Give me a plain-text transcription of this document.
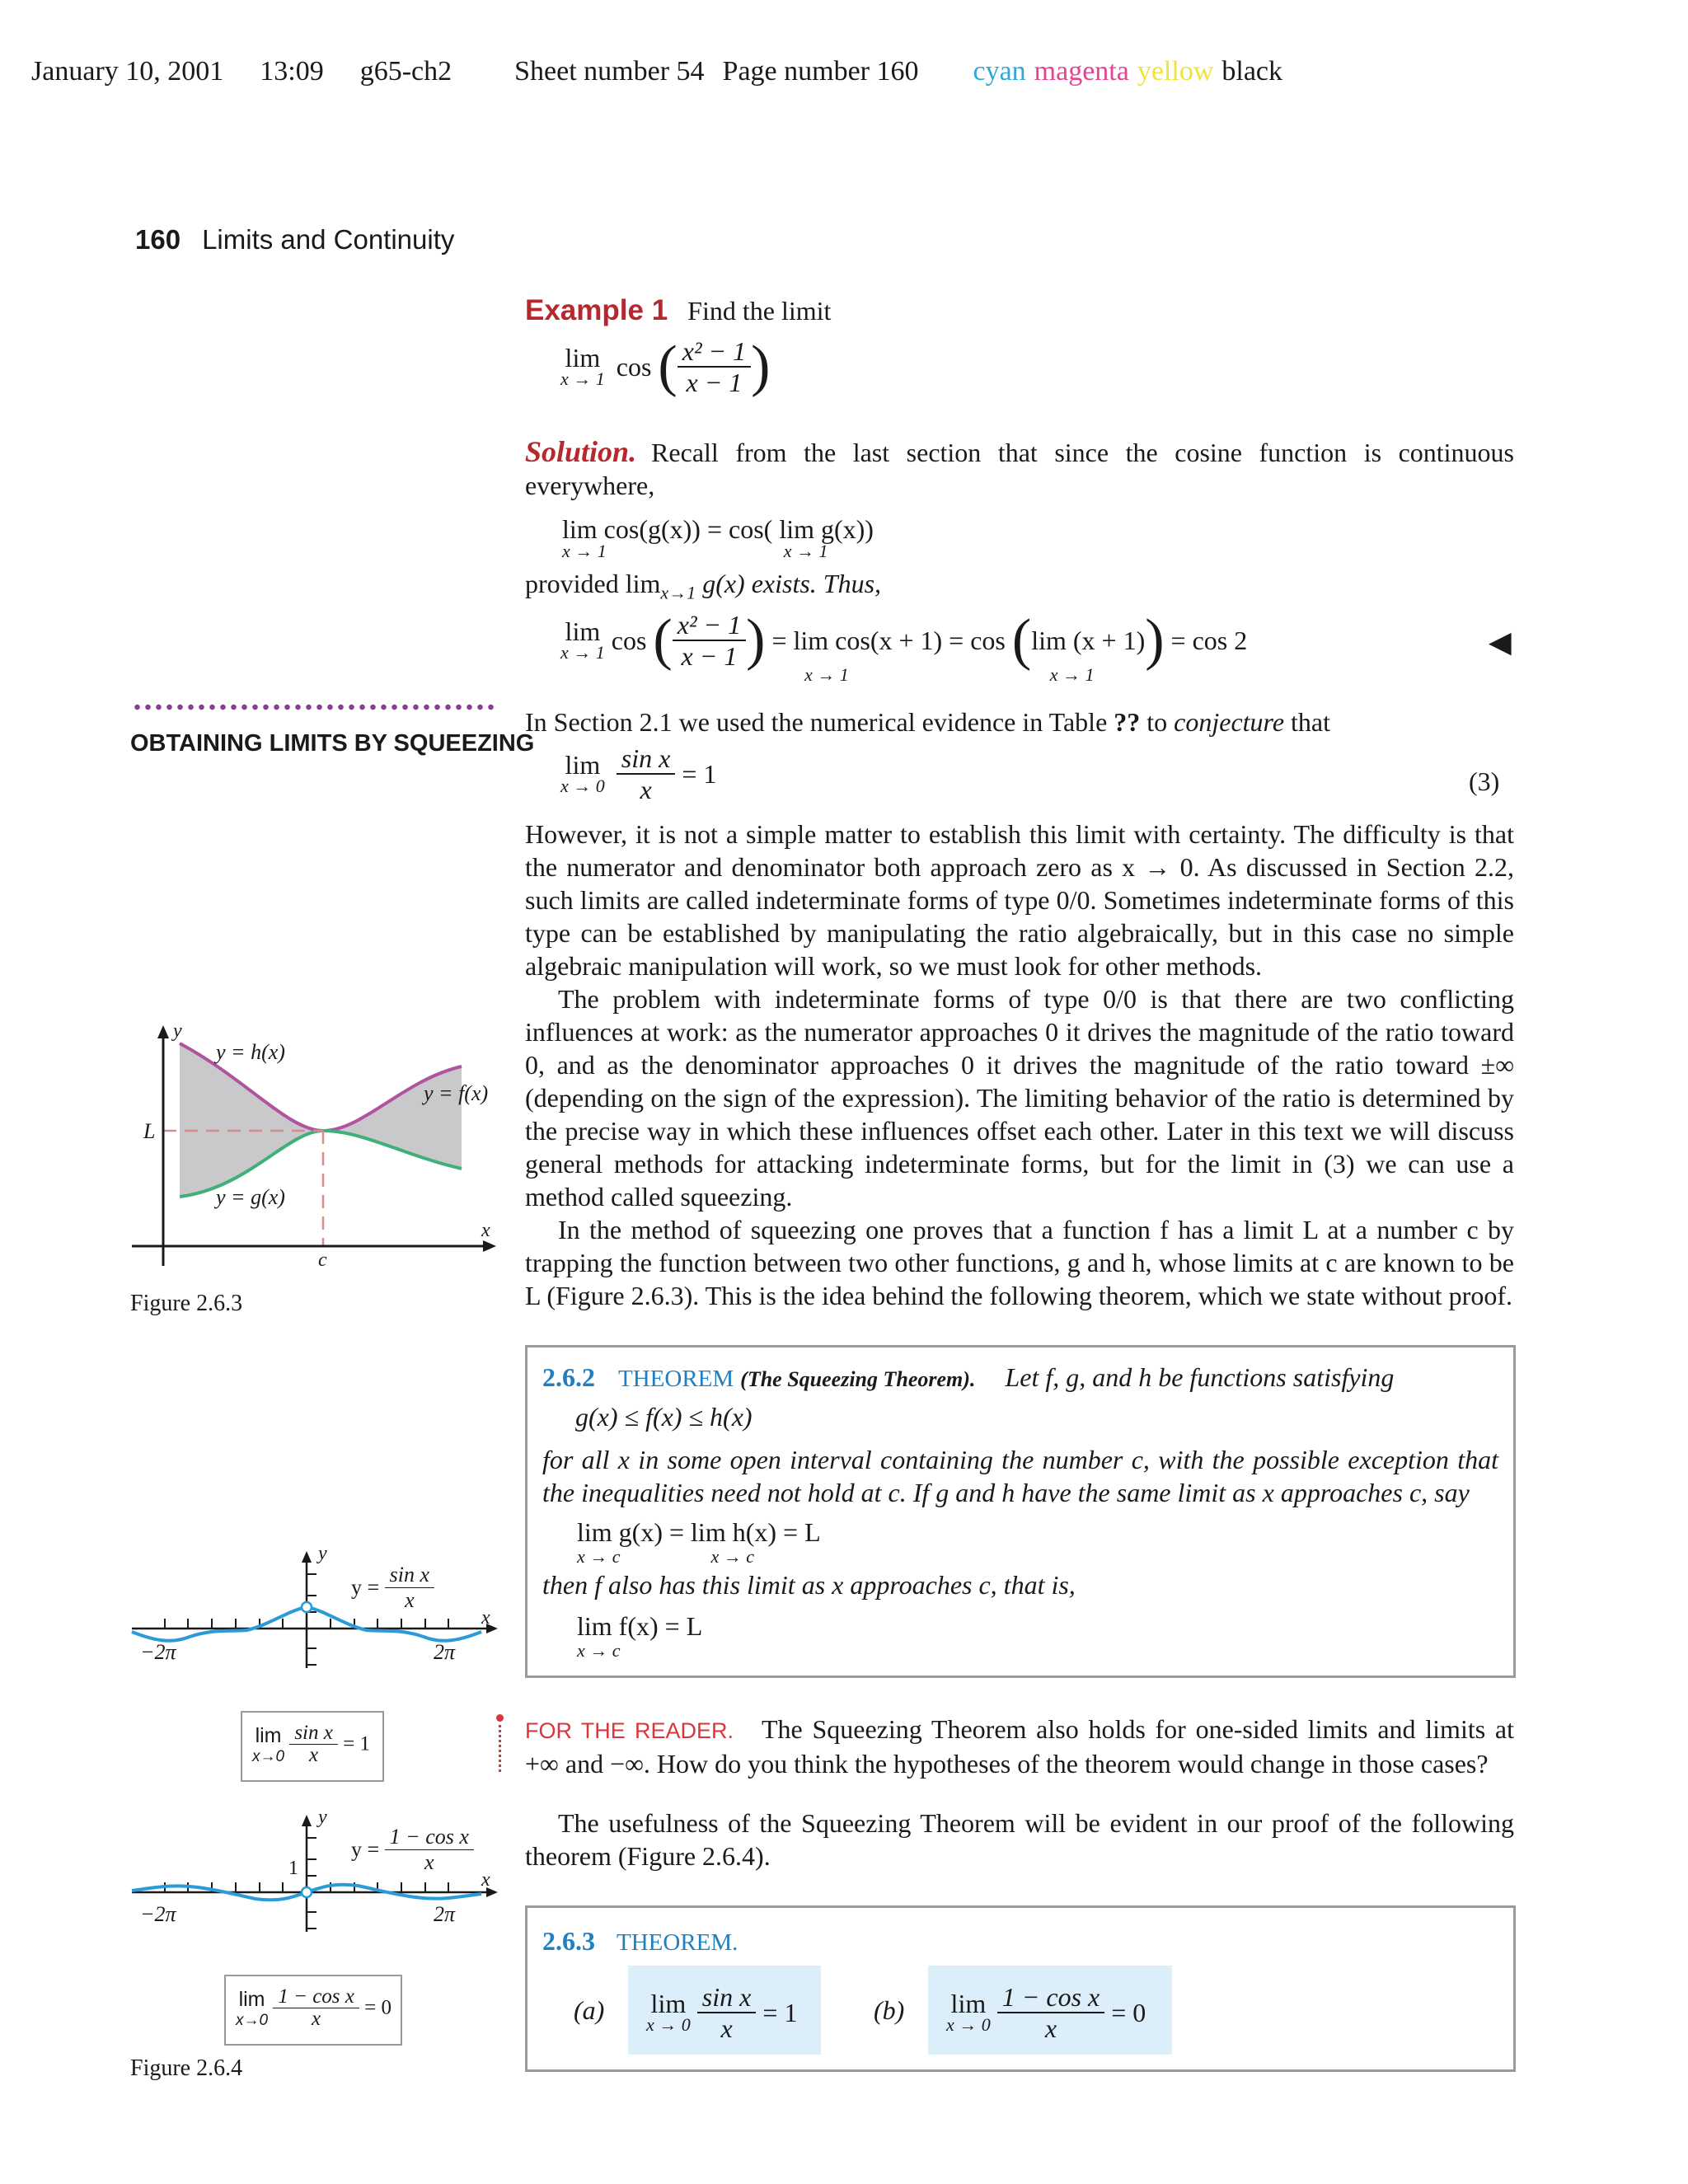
January 10, 2001 13:09 g65-ch2 Sheet number 54 Page number 160 cyan magenta yellow black
160 Limits and Continuity
Example 1 Find the limit
lim
x → 1 cos ( $\frac{\text{x² − 1}}{x - 1}$ )
Solution. Recall from the last section that since the cosine function is continuous everywhere,
lim cos(g(x)) = cos( lim g(x))
x → 1	x → 1
provided $\lim_{x\to 1} g(x)$ exists. Thus,
lim
x → 1 cos ( $\frac{\text{x² − 1}}{x - 1}$ ) = lim cos(x + 1) = cos (lim (x + 1)) = cos 2	◀
x → 1	x → 1
OBTAINING LIMITS BY SQUEEZING
In Section 2.1 we used the numerical evidence in Table ?? to conjecture that
lim
x → 0
$\frac{\text{sin x}}{x} = 1$	(3)
However, it is not a simple matter to establish this limit with certainty. The difficulty is that the numerator and denominator both approach zero as x → 0. As discussed in Section 2.2, such limits are called indeterminate forms of type 0/0. Sometimes indeterminate forms of this type can be established by manipulating the ratio algebraically, but in this case no simple algebraic manipulation will work, so we must look for other methods.
The problem with indeterminate forms of type 0/0 is that there are two conflicting influences at work: as the numerator approaches 0 it drives the magnitude of the ratio toward 0, and as the denominator approaches 0 it drives the magnitude of the ratio toward ±∞ (depending on the sign of the expression). The limiting behavior of the ratio is determined by the precise way in which these influences offset each other. Later in this text we will discuss general methods for attacking indeterminate forms, but for the limit in (3) we can use a method called squeezing.
In the method of squeezing one proves that a function f has a limit L at a number c by trapping the function between two other functions, g and h, whose limits at c are known to be L (Figure 2.6.3). This is the idea behind the following theorem, which we state without proof.
2.6.2 THEOREM (The Squeezing Theorem). Let f, g, and h be functions satisfying
g(x) ≤ f(x) ≤ h(x)
for all x in some open interval containing the number c, with the possible exception that the inequalities need not hold at c. If g and h have the same limit as x approaches c, say
lim g(x) = lim h(x) = L
x → c	x → c
then f also has this limit as x approaches c, that is,
lim f(x) = L
x → c
FOR THE READER. The Squeezing Theorem also holds for one-sided limits and limits at +∞ and −∞. How do you think the hypotheses of the theorem would change in those cases?
The usefulness of the Squeezing Theorem will be evident in our proof of the following theorem (Figure 2.6.4).
2.6.3 THEOREM.
(a) lim
x → 0
$\frac{\text{sin x}}{x} = 1$	(b) lim
x → 0
$\frac{\text{1 − cos x}}{x} = 0$
y
y = h(x)
y = f(x)
L
y = g(x)
x
c
Figure 2.6.3
y
$y = \frac{\text{sin x}}{x}$
x
−2π	2π
lim
x→0
$\frac{\text{sin x}}{x} = 1$
y
$y = \frac{\text{1 − cos x}}{x}$
1
x
−2π	2π
lim
x→0
$\frac{\text{1 − cos x}}{x} = 0$
Figure 2.6.4
